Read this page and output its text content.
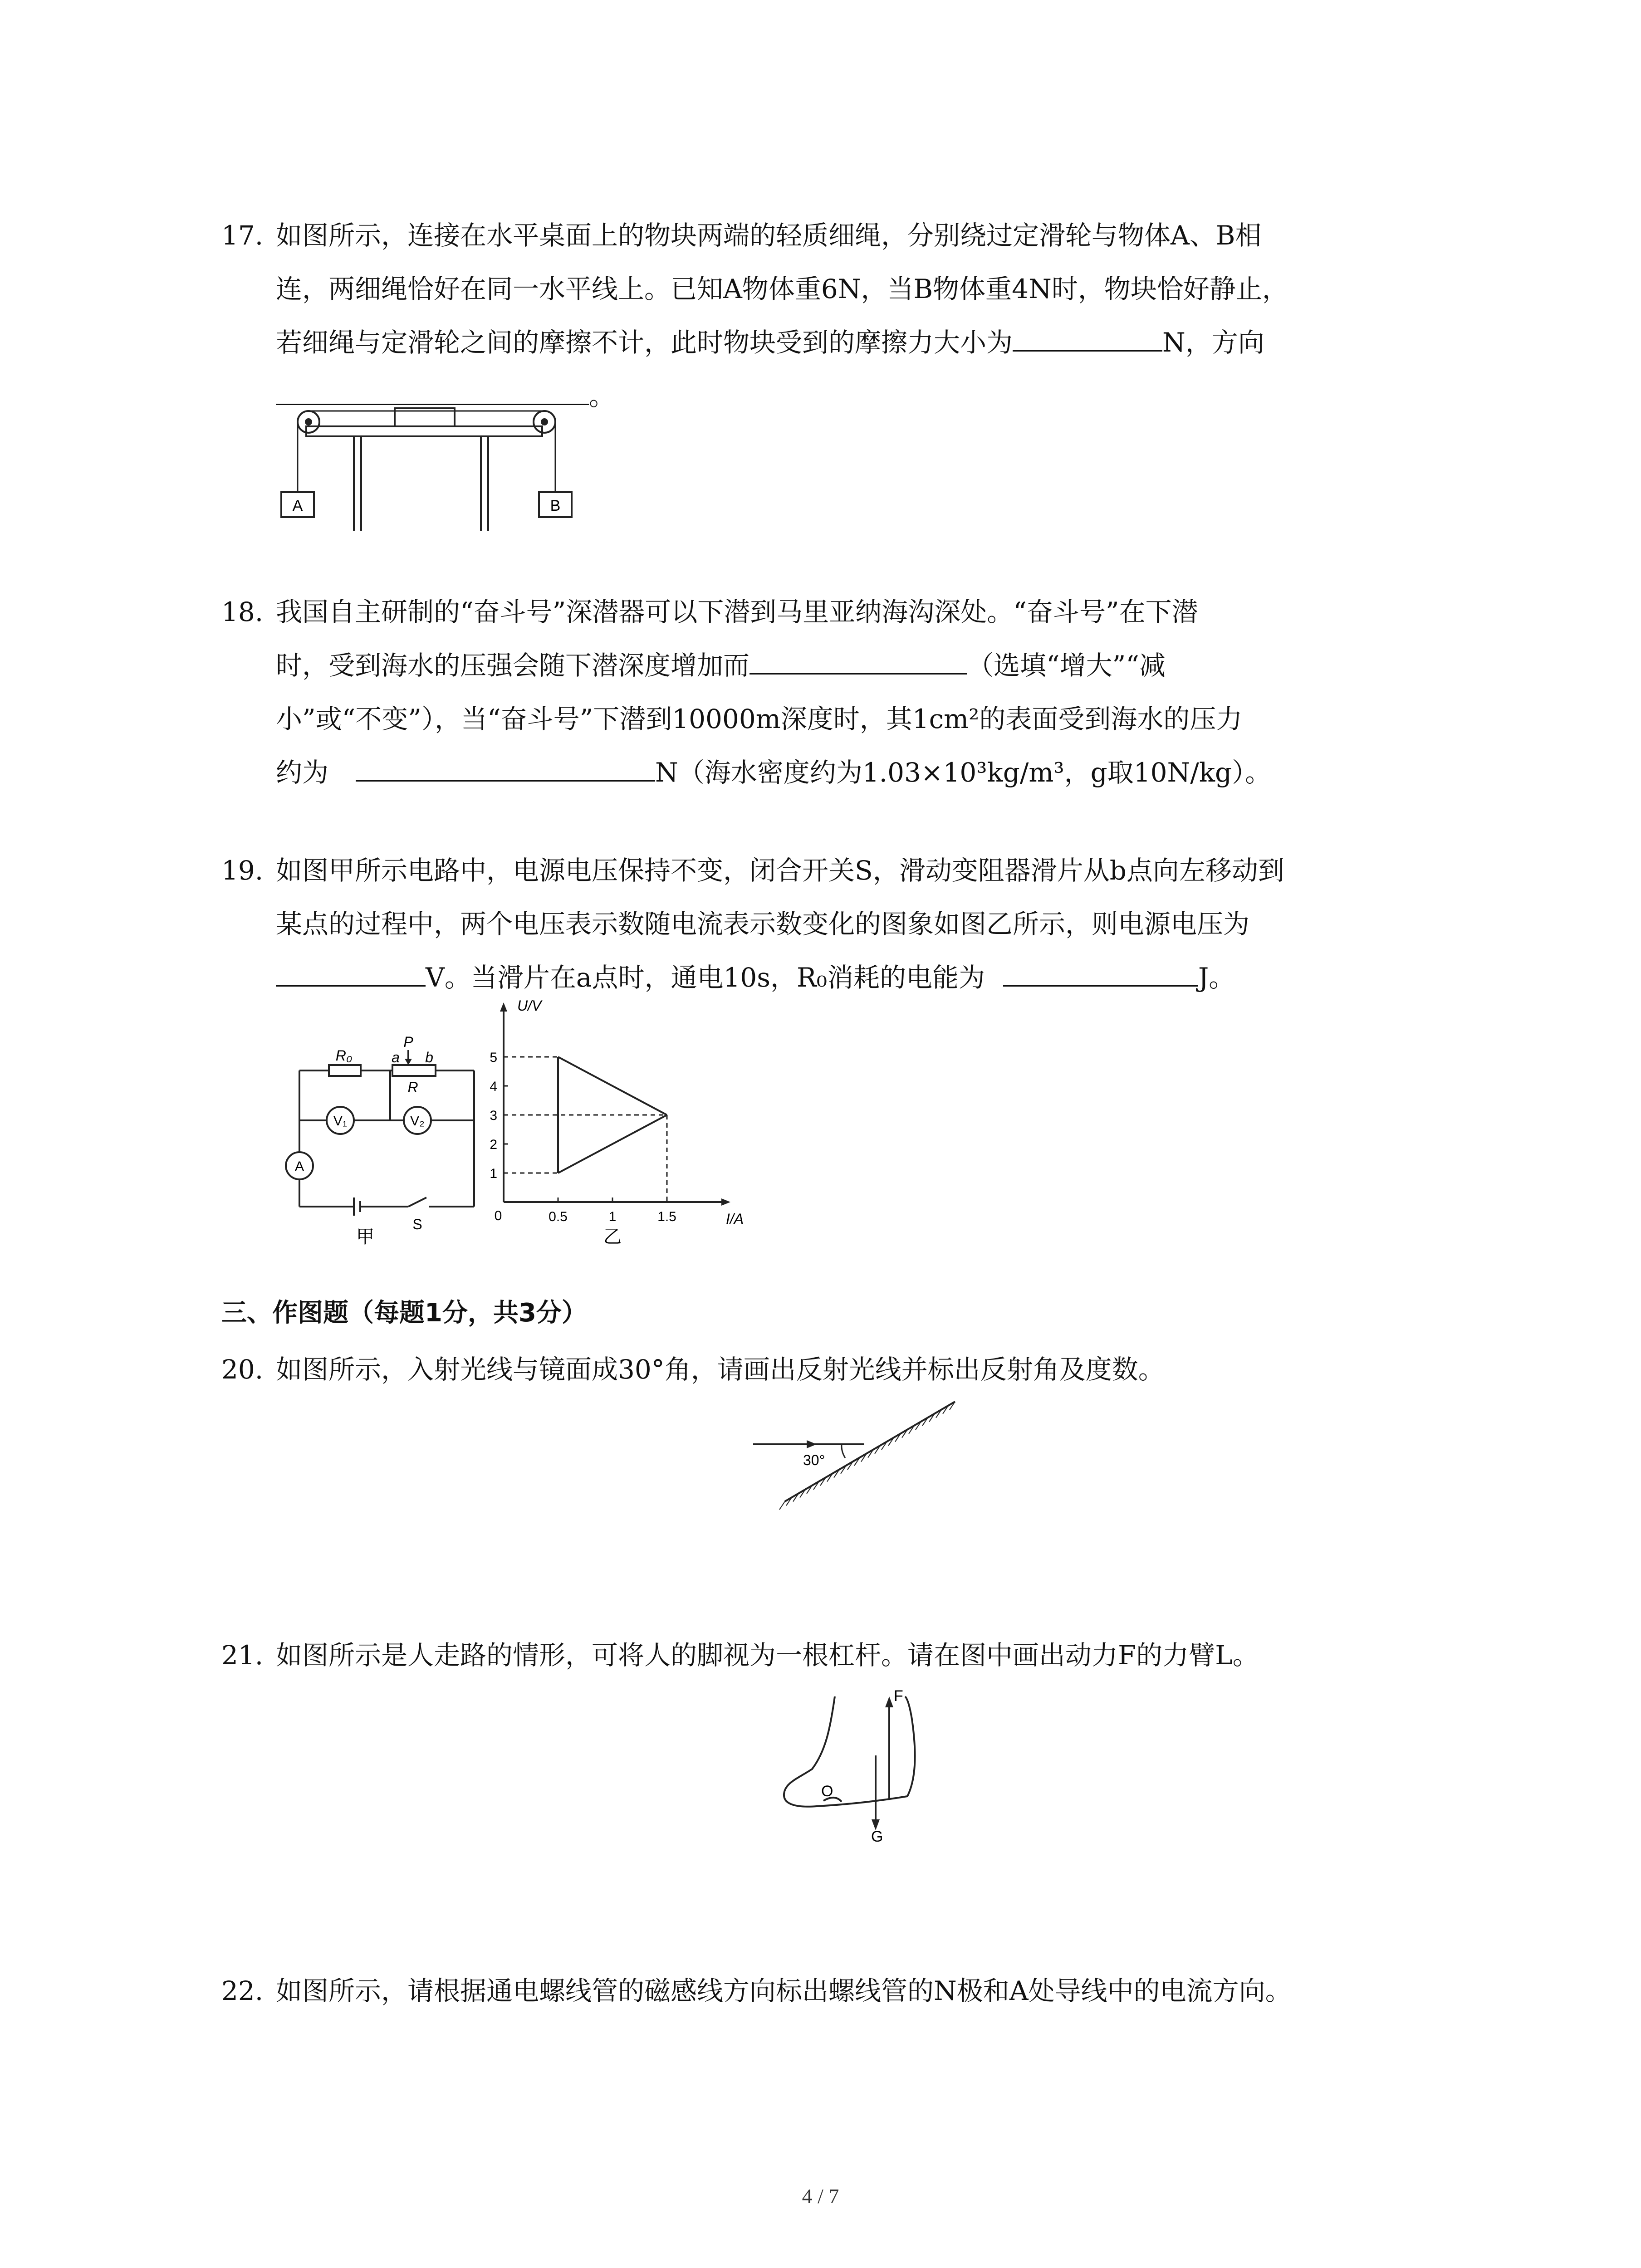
17. 如图所示，连接在水平桌面上的物块两端的轻质细绳，分别绕过定滑轮与物体A、B相

连，两细绳恰好在同一水平线上。已知A物体重6N，当B物体重4N时，物块恰好静止，

若细绳与定滑轮之间的摩擦不计，此时物块受到的摩擦力大小为	N，方向

。

A	B

18. 我国自主研制的“奋斗号”深潜器可以下潜到马里亚纳海沟深处。“奋斗号”在下潜

时，受到海水的压强会随下潜深度增加而	（选填“增大”“减

小”或“不变”），当“奋斗号”下潜到10000m深度时，其1cm²的表面受到海水的压力

约为	N（海水密度约为1.03×10³kg/m³，g取10N/kg）。

19. 如图甲所示电路中，电源电压保持不变，闭合开关S，滑动变阻器滑片从b点向左移动到

某点的过程中，两个电压表示数随电流表示数变化的图象如图乙所示，则电源电压为

V。当滑片在a点时，通电10s，R₀消耗的电能为	J。

R₀	a
P
b
R
V₁	V₂
A
S
甲
1
2
3
4
5
0.5	1	1.5
U/V
I/A
0
乙
三、作图题（每题1分，共3分）

20. 如图所示，入射光线与镜面成30°角，请画出反射光线并标出反射角及度数。

30°

21. 如图所示是人走路的情形，可将人的脚视为一根杠杆。请在图中画出动力F的力臂L。

F
O
G

22. 如图所示，请根据通电螺线管的磁感线方向标出螺线管的N极和A处导线中的电流方向。

4 / 7
